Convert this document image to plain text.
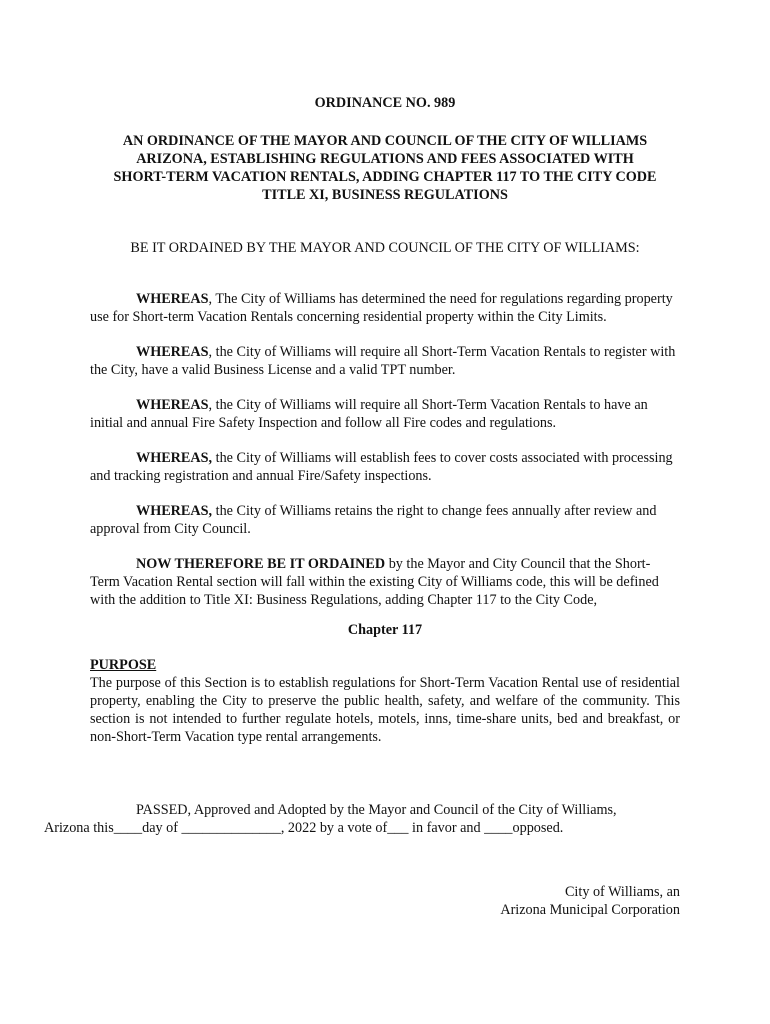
ORDINANCE NO. 989

AN ORDINANCE OF THE MAYOR AND COUNCIL OF THE CITY OF WILLIAMS
ARIZONA, ESTABLISHING REGULATIONS AND FEES ASSOCIATED WITH
SHORT-TERM VACATION RENTALS, ADDING CHAPTER 117 TO THE CITY CODE
TITLE XI, BUSINESS REGULATIONS

BE IT ORDAINED BY THE MAYOR AND COUNCIL OF THE CITY OF WILLIAMS:

WHEREAS, The City of Williams has determined the need for regulations regarding property use for Short-term Vacation Rentals concerning residential property within the City Limits.

WHEREAS, the City of Williams will require all Short-Term Vacation Rentals to register with the City, have a valid Business License and a valid TPT number.

WHEREAS, the City of Williams will require all Short-Term Vacation Rentals to have an initial and annual Fire Safety Inspection and follow all Fire codes and regulations.

WHEREAS, the City of Williams will establish fees to cover costs associated with processing and tracking registration and annual Fire/Safety inspections.

WHEREAS, the City of Williams retains the right to change fees annually after review and approval from City Council.

NOW THEREFORE BE IT ORDAINED by the Mayor and City Council that the Short-Term Vacation Rental section will fall within the existing City of Williams code, this will be defined with the addition to Title XI: Business Regulations, adding Chapter 117 to the City Code,

Chapter 117

PURPOSE

The purpose of this Section is to establish regulations for Short-Term Vacation Rental use of residential property, enabling the City to preserve the public health, safety, and welfare of the community. This section is not intended to further regulate hotels, motels, inns, time-share units, bed and breakfast, or non-Short-Term Vacation type rental arrangements.

PASSED, Approved and Adopted by the Mayor and Council of the City of Williams,
Arizona this____day of ______________, 2022 by a vote of___ in favor and ____opposed.

City of Williams, an
Arizona Municipal Corporation
